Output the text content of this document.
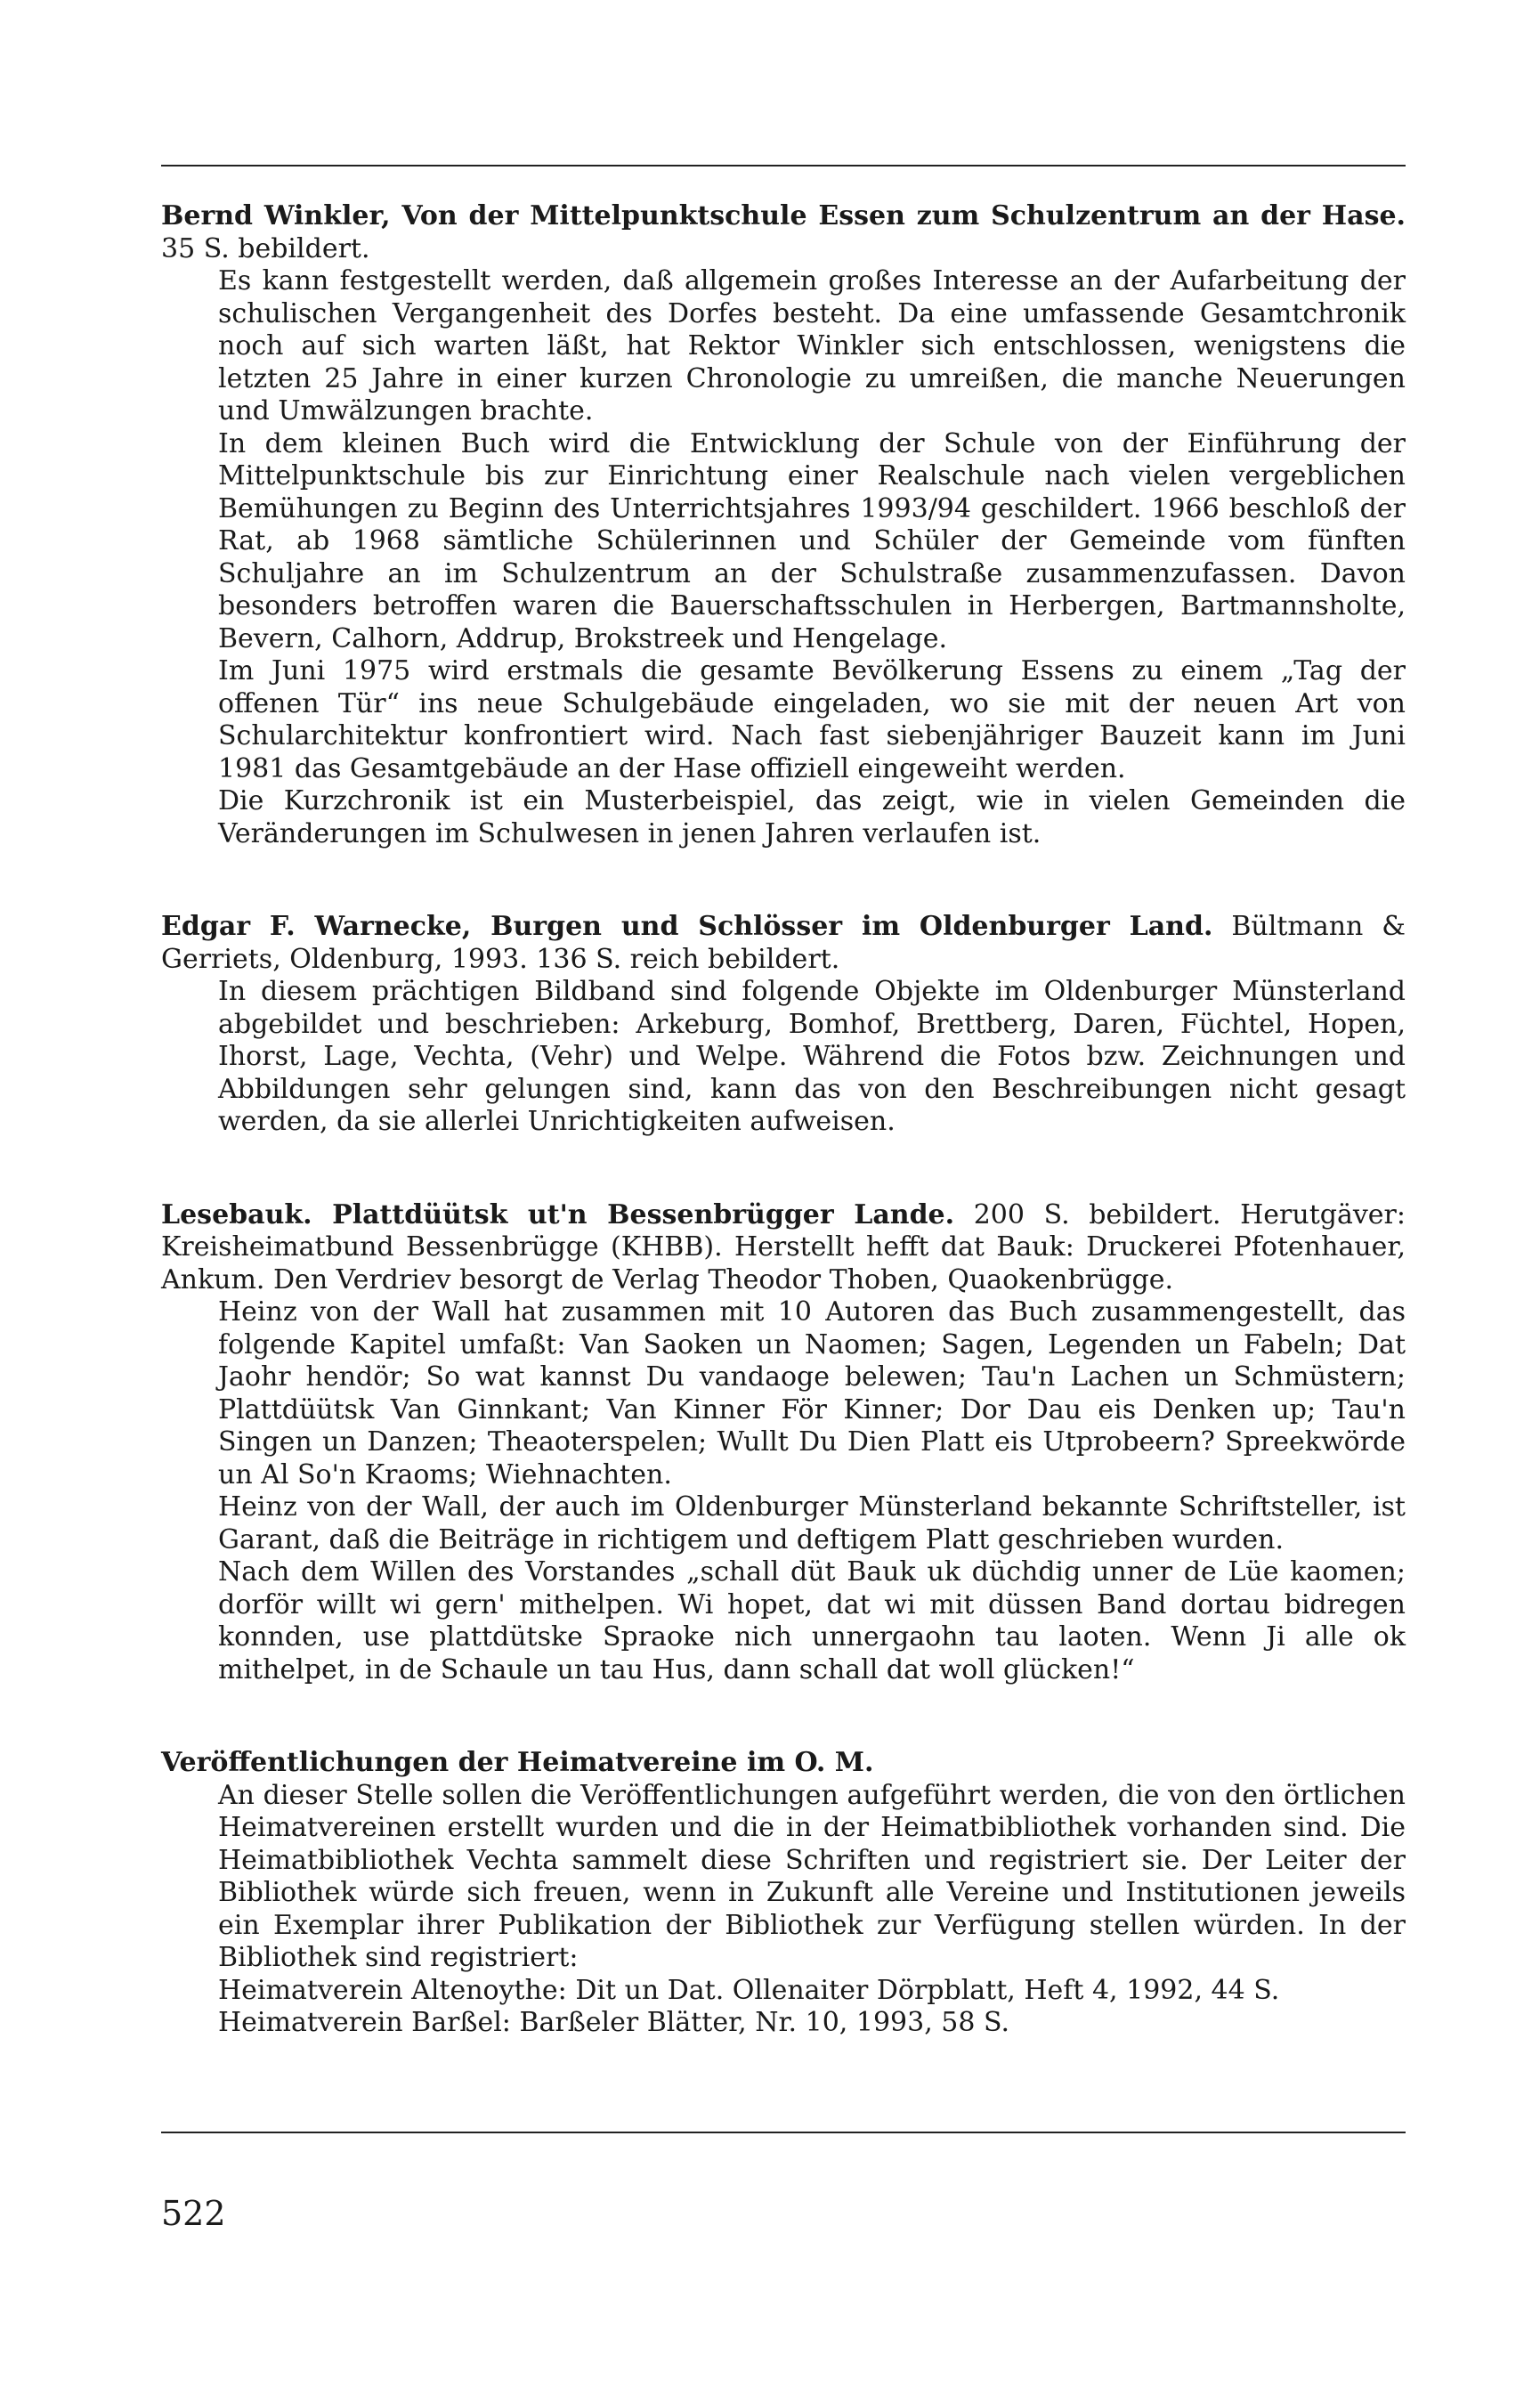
Bernd Winkler, Von der Mittelpunktschule Essen zum Schulzentrum an der Hase. 35 S. bebildert.

Es kann festgestellt werden, daß allgemein großes Interesse an der Aufarbeitung der schulischen Vergangenheit des Dorfes besteht. Da eine umfassende Gesamtchronik noch auf sich warten läßt, hat Rektor Winkler sich entschlossen, wenigstens die letzten 25 Jahre in einer kurzen Chronologie zu umreißen, die manche Neuerungen und Umwälzungen brachte.

In dem kleinen Buch wird die Entwicklung der Schule von der Einführung der Mittelpunktschule bis zur Einrichtung einer Realschule nach vielen vergeblichen Bemühungen zu Beginn des Unterrichtsjahres 1993/94 geschildert. 1966 beschloß der Rat, ab 1968 sämtliche Schülerinnen und Schüler der Gemeinde vom fünften Schuljahre an im Schulzentrum an der Schulstraße zusammenzufassen. Davon besonders betroffen waren die Bauerschaftsschulen in Herbergen, Bartmannsholte, Bevern, Calhorn, Addrup, Brokstreek und Hengelage.

Im Juni 1975 wird erstmals die gesamte Bevölkerung Essens zu einem „Tag der offenen Tür“ ins neue Schulgebäude eingeladen, wo sie mit der neuen Art von Schularchitektur konfrontiert wird. Nach fast siebenjähriger Bauzeit kann im Juni 1981 das Gesamtgebäude an der Hase offiziell eingeweiht werden.

Die Kurzchronik ist ein Musterbeispiel, das zeigt, wie in vielen Gemeinden die Veränderungen im Schulwesen in jenen Jahren verlaufen ist.

Edgar F. Warnecke, Burgen und Schlösser im Oldenburger Land. Bültmann & Gerriets, Oldenburg, 1993. 136 S. reich bebildert.

In diesem prächtigen Bildband sind folgende Objekte im Oldenburger Münsterland abgebildet und beschrieben: Arkeburg, Bomhof, Brettberg, Daren, Füchtel, Hopen, Ihorst, Lage, Vechta, (Vehr) und Welpe. Während die Fotos bzw. Zeichnungen und Abbildungen sehr gelungen sind, kann das von den Beschreibungen nicht gesagt werden, da sie allerlei Unrichtigkeiten aufweisen.

Lesebauk. Plattdüütsk ut'n Bessenbrügger Lande. 200 S. bebildert. Herutgäver: Kreisheimatbund Bessenbrügge (KHBB). Herstellt hefft dat Bauk: Druckerei Pfotenhauer, Ankum. Den Verdriev besorgt de Verlag Theodor Thoben, Quaokenbrügge.

Heinz von der Wall hat zusammen mit 10 Autoren das Buch zusammengestellt, das folgende Kapitel umfaßt: Van Saoken un Naomen; Sagen, Legenden un Fabeln; Dat Jaohr hendör; So wat kannst Du vandaoge belewen; Tau'n Lachen un Schmüstern; Plattdüütsk Van Ginnkant; Van Kinner För Kinner; Dor Dau eis Denken up; Tau'n Singen un Danzen; Theaoterspelen; Wullt Du Dien Platt eis Utprobeern? Spreekwörde un Al So'n Kraoms; Wiehnachten.

Heinz von der Wall, der auch im Oldenburger Münsterland bekannte Schriftsteller, ist Garant, daß die Beiträge in richtigem und deftigem Platt geschrieben wurden.

Nach dem Willen des Vorstandes „schall düt Bauk uk düchdig unner de Lüe kaomen; dorför willt wi gern' mithelpen. Wi hopet, dat wi mit düssen Band dortau bidregen konnden, use plattdütske Spraoke nich unnergaohn tau laoten. Wenn Ji alle ok mithelpet, in de Schaule un tau Hus, dann schall dat woll glücken!“

Veröffentlichungen der Heimatvereine im O. M.

An dieser Stelle sollen die Veröffentlichungen aufgeführt werden, die von den örtlichen Heimatvereinen erstellt wurden und die in der Heimatbibliothek vorhanden sind. Die Heimatbibliothek Vechta sammelt diese Schriften und registriert sie. Der Leiter der Bibliothek würde sich freuen, wenn in Zukunft alle Vereine und Institutionen jeweils ein Exemplar ihrer Publikation der Bibliothek zur Verfügung stellen würden. In der Bibliothek sind registriert:

Heimatverein Altenoythe: Dit un Dat. Ollenaiter Dörpblatt, Heft 4, 1992, 44 S.

Heimatverein Barßel: Barßeler Blätter, Nr. 10, 1993, 58 S.

522
